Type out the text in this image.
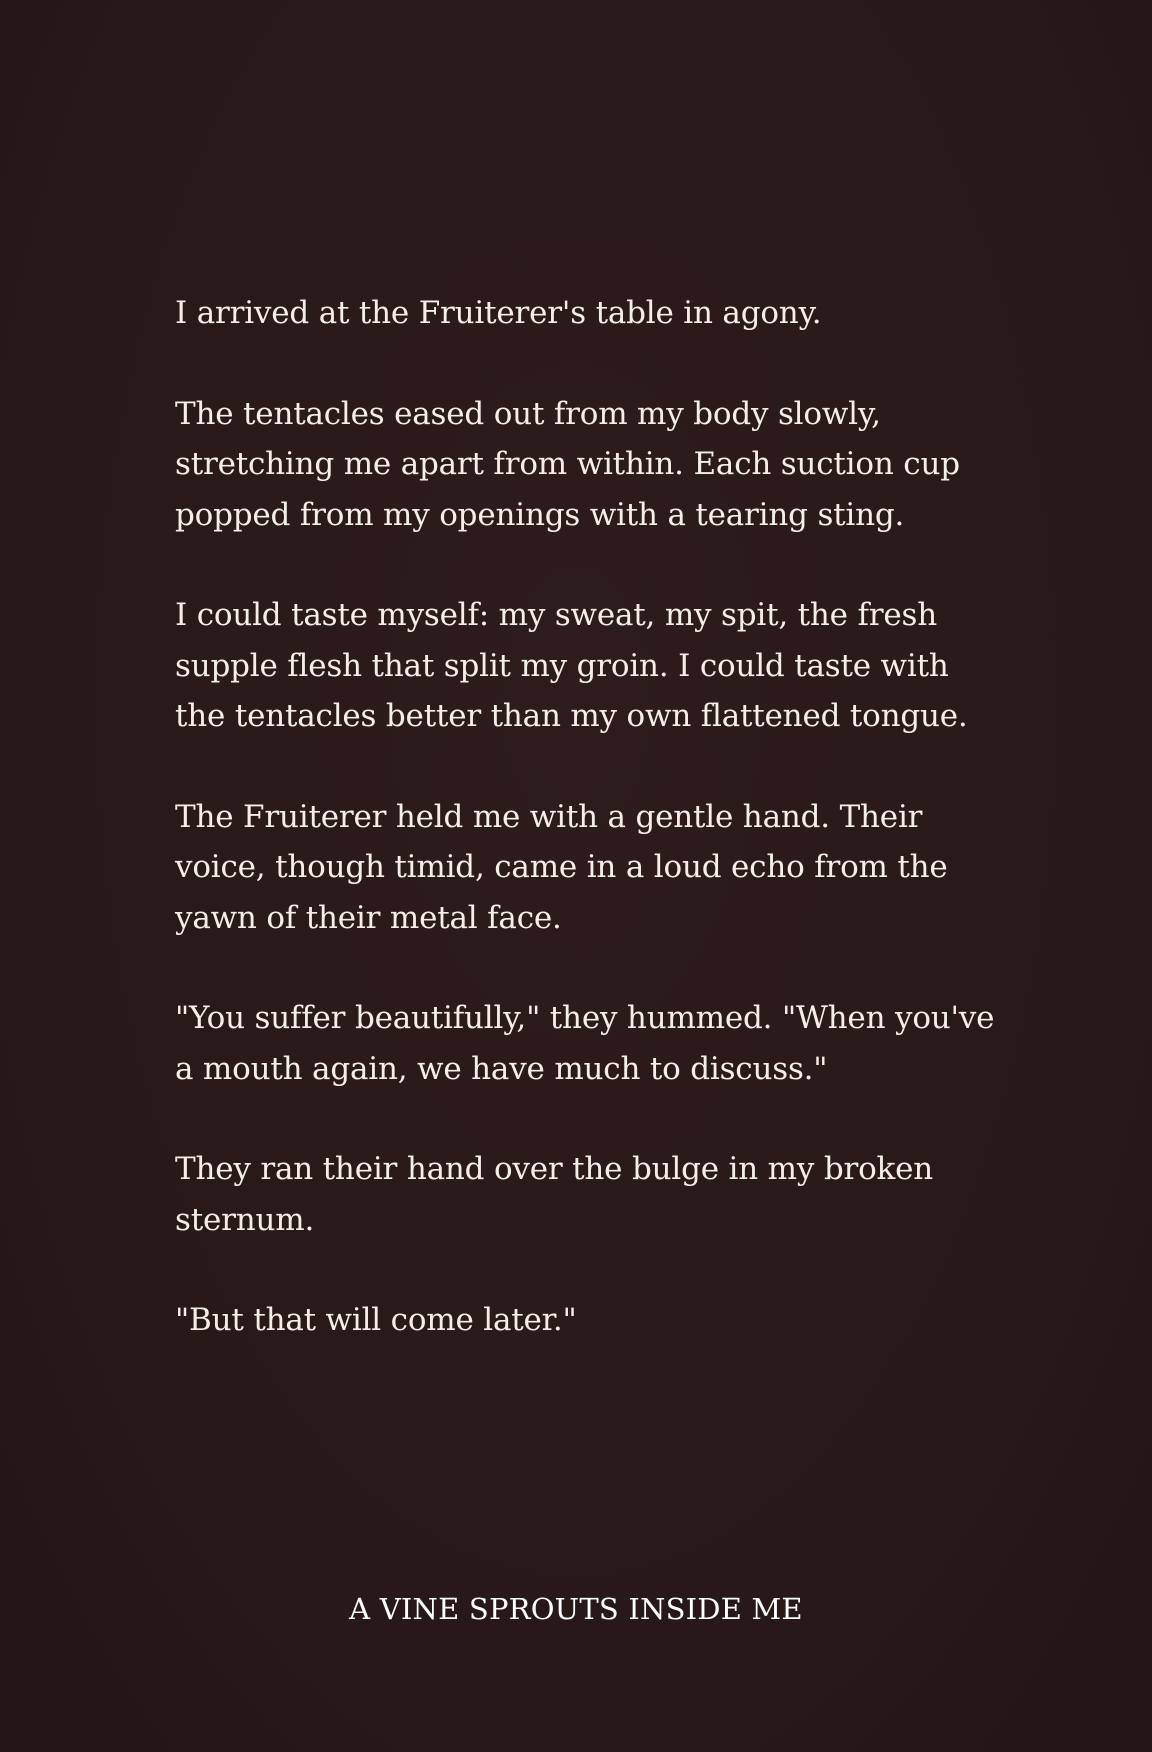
I arrived at the Fruiterer's table in agony.

The tentacles eased out from my body slowly, stretching me apart from within. Each suction cup popped from my openings with a tearing sting.

I could taste myself: my sweat, my spit, the fresh supple flesh that split my groin. I could taste with the tentacles better than my own flattened tongue.

The Fruiterer held me with a gentle hand. Their voice, though timid, came in a loud echo from the yawn of their metal face.

"You suffer beautifully," they hummed. "When you've a mouth again, we have much to discuss."

They ran their hand over the bulge in my broken sternum.

"But that will come later."

A VINE SPROUTS INSIDE ME
